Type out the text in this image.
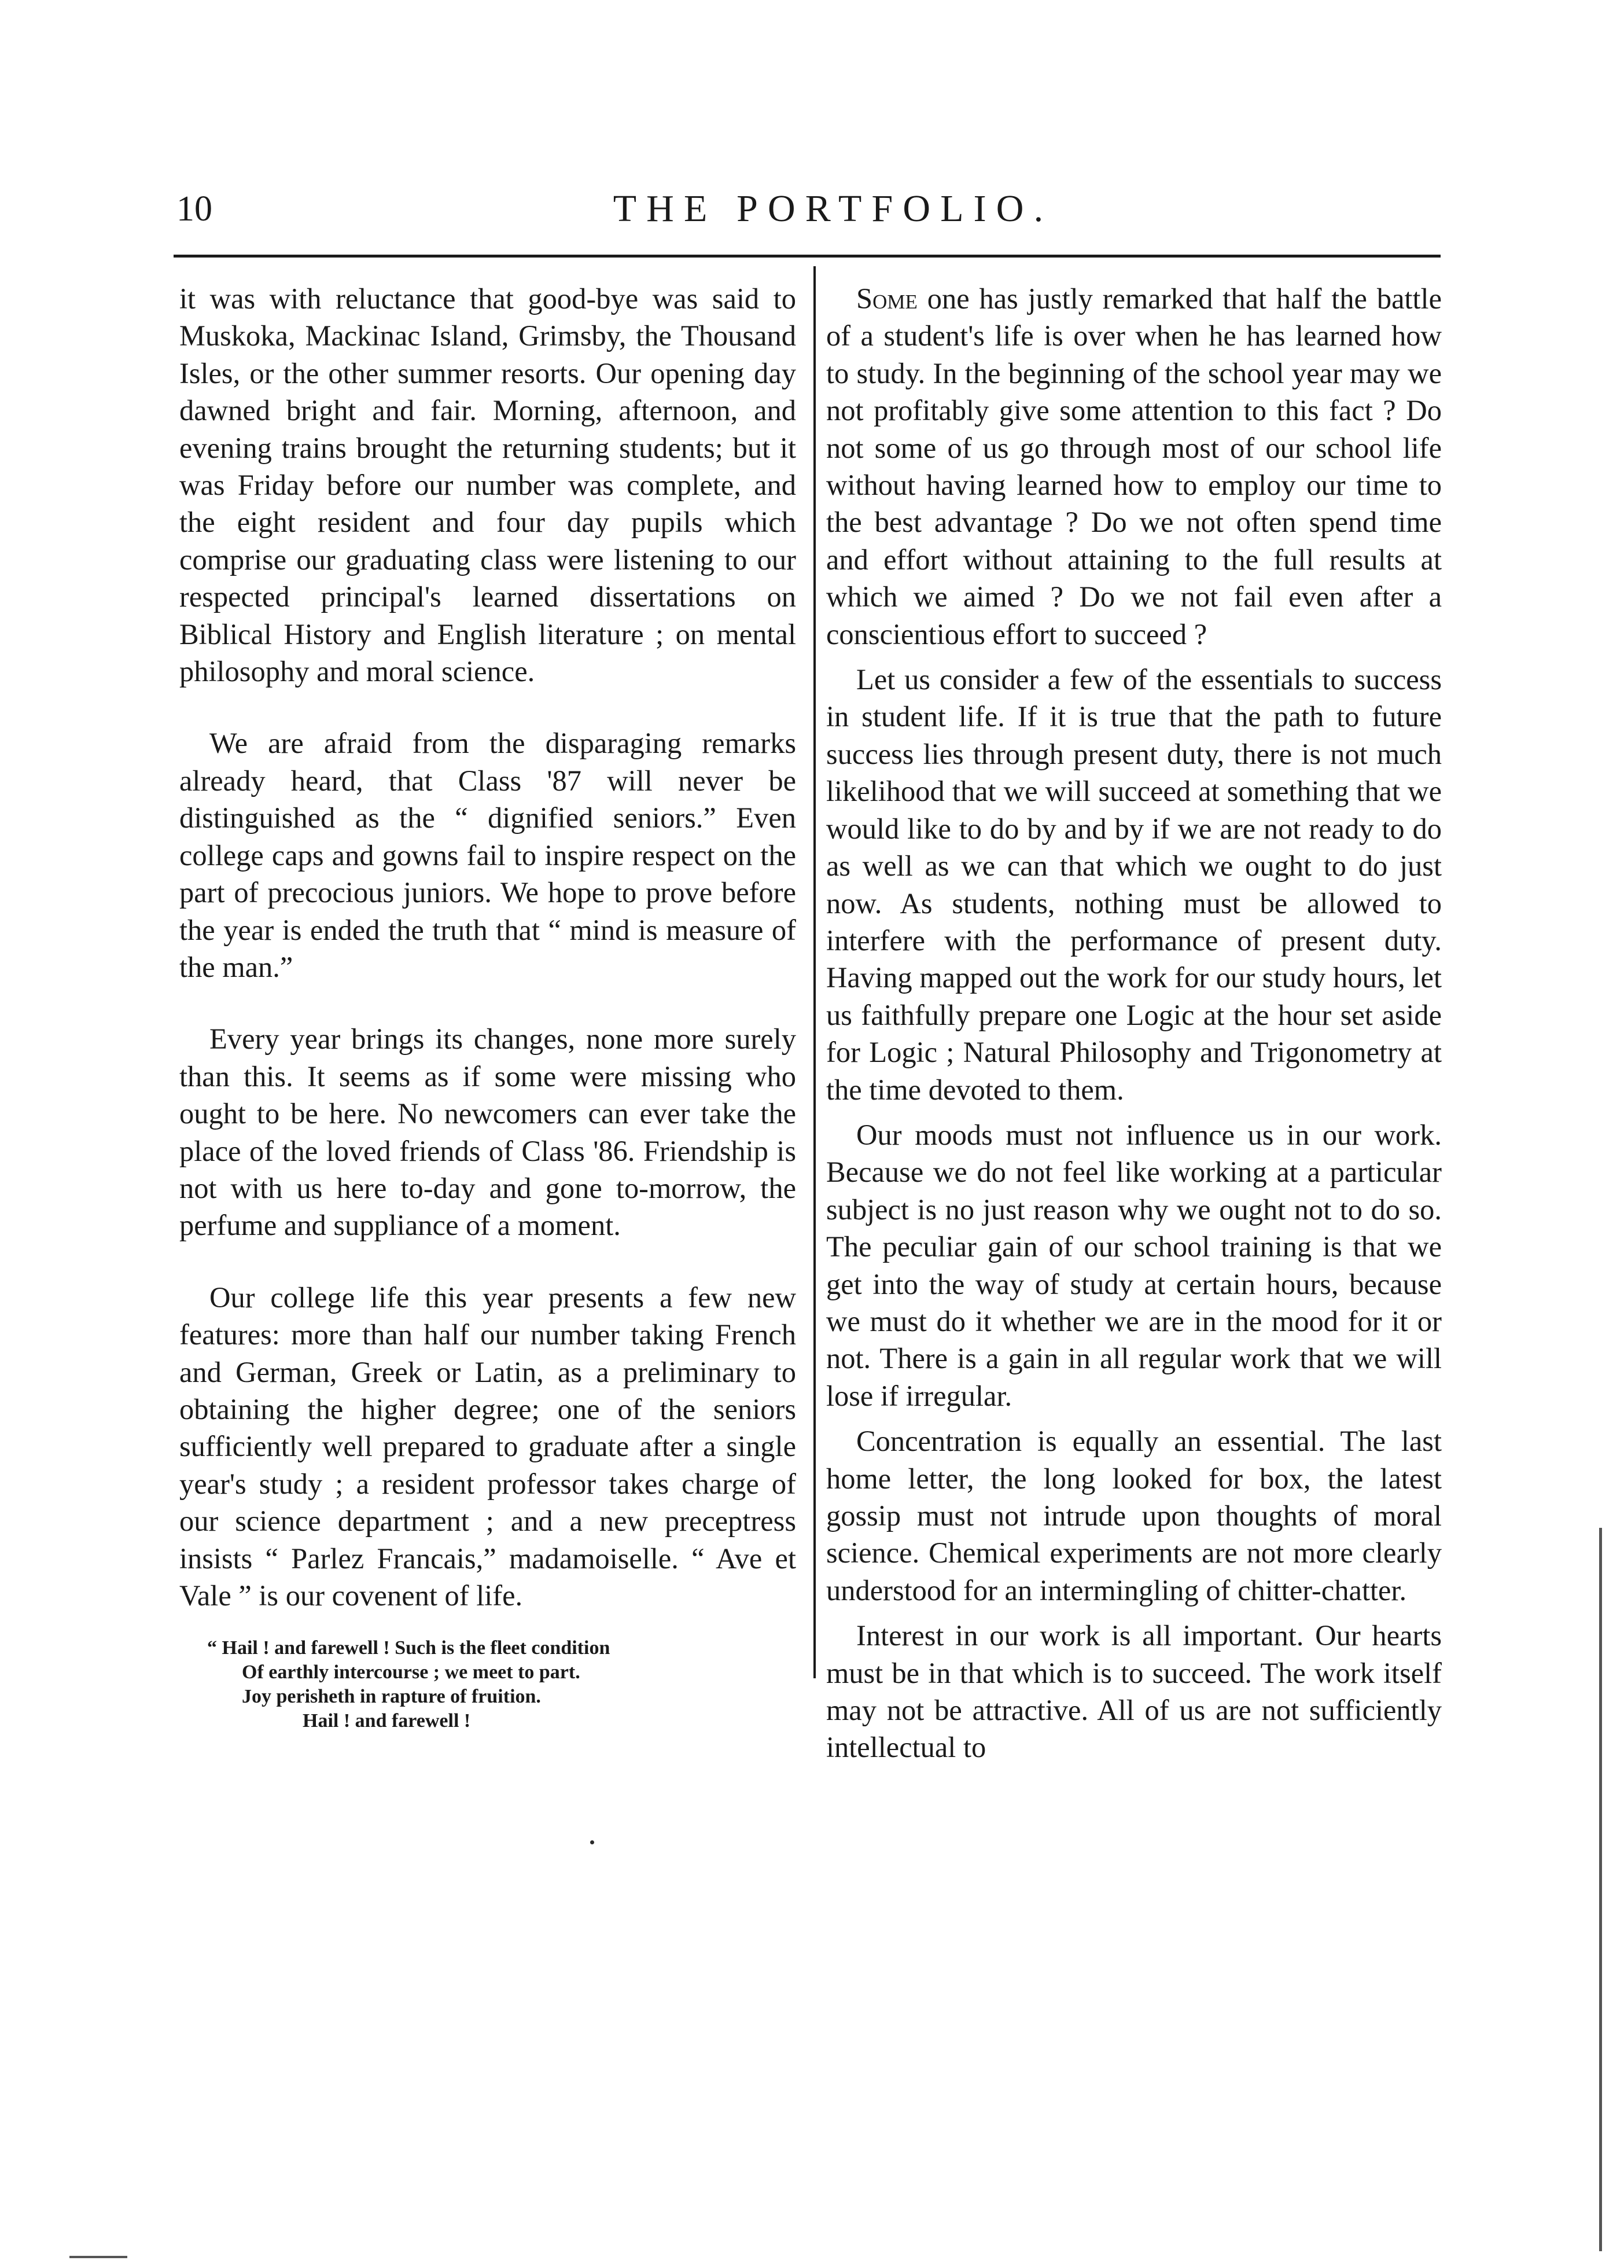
10	THE PORTFOLIO.

it was with reluctance that good-bye was said to Muskoka, Mackinac Island, Grimsby, the Thousand Isles, or the other summer resorts. Our opening day dawned bright and fair. Morning, afternoon, and evening trains brought the returning students; but it was Friday before our number was complete, and the eight resident and four day pupils which comprise our graduating class were listening to our respected principal's learned dissertations on Biblical History and English literature ; on mental philosophy and moral science.

We are afraid from the disparaging remarks already heard, that Class '87 will never be distinguished as the “ dignified seniors.” Even college caps and gowns fail to inspire respect on the part of precocious juniors. We hope to prove before the year is ended the truth that “ mind is measure of the man.”

Every year brings its changes, none more surely than this. It seems as if some were missing who ought to be here. No newcomers can ever take the place of the loved friends of Class '86. Friendship is not with us here to-day and gone to-morrow, the perfume and suppliance of a moment.

Our college life this year presents a few new features: more than half our number taking French and German, Greek or Latin, as a preliminary to obtaining the higher degree; one of the seniors sufficiently well prepared to graduate after a single year's study ; a resident professor takes charge of our science department ; and a new preceptress insists “ Parlez Francais,” madamoiselle. “ Ave et Vale ” is our covenent of life.

“ Hail ! and farewell ! Such is the fleet condition
Of earthly intercourse ; we meet to part.
Joy perisheth in rapture of fruition.
Hail ! and farewell !

Some one has justly remarked that half the battle of a student's life is over when he has learned how to study. In the beginning of the school year may we not profitably give some attention to this fact ? Do not some of us go through most of our school life without having learned how to employ our time to the best advantage ? Do we not often spend time and effort without attaining to the full results at which we aimed ? Do we not fail even after a conscientious effort to succeed ?

Let us consider a few of the essentials to success in student life. If it is true that the path to future success lies through present duty, there is not much likelihood that we will succeed at something that we would like to do by and by if we are not ready to do as well as we can that which we ought to do just now. As students, nothing must be allowed to interfere with the performance of present duty. Having mapped out the work for our study hours, let us faithfully prepare one Logic at the hour set aside for Logic ; Natural Philosophy and Trigonometry at the time devoted to them.

Our moods must not influence us in our work. Because we do not feel like working at a particular subject is no just reason why we ought not to do so. The peculiar gain of our school training is that we get into the way of study at certain hours, because we must do it whether we are in the mood for it or not. There is a gain in all regular work that we will lose if irregular.

Concentration is equally an essential. The last home letter, the long looked for box, the latest gossip must not intrude upon thoughts of moral science. Chemical experiments are not more clearly understood for an intermingling of chitter-chatter.

Interest in our work is all important. Our hearts must be in that which is to succeed. The work itself may not be attractive. All of us are not sufficiently intellectual to
